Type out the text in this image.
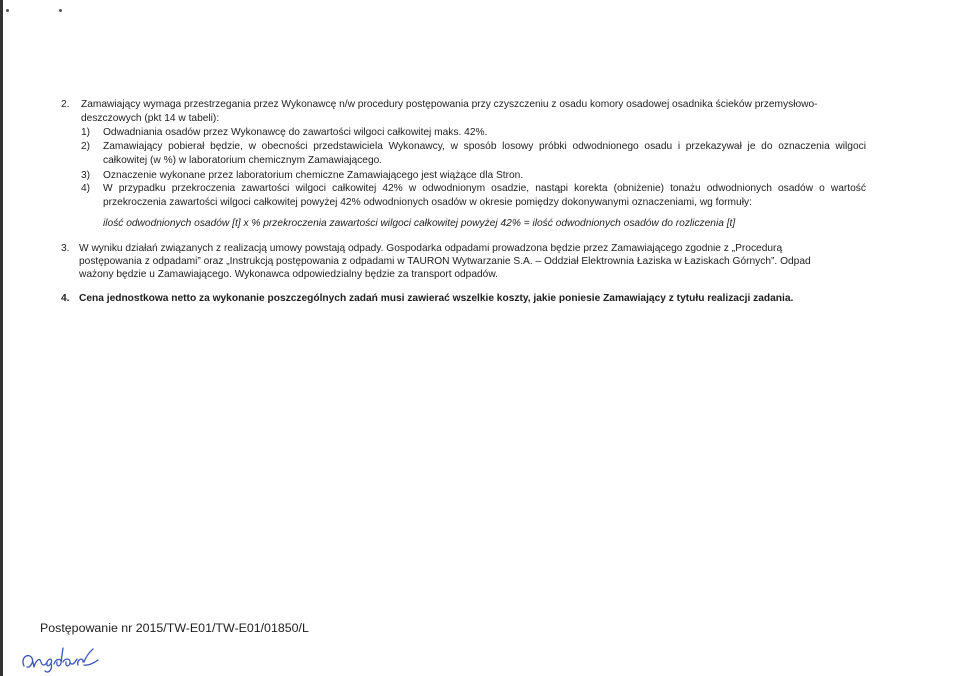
2. Zamawiający wymaga przestrzegania przez Wykonawcę n/w procedury postępowania przy czyszczeniu z osadu komory osadowej osadnika ścieków przemysłowo-
deszczowych (pkt 14 w tabeli):
1) Odwadniania osadów przez Wykonawcę do zawartości wilgoci całkowitej maks. 42%.
2) Zamawiający pobierał będzie, w obecności przedstawiciela Wykonawcy, w sposób losowy próbki odwodnionego osadu i przekazywał je do oznaczenia wilgoci
całkowitej (w %) w laboratorium chemicznym Zamawiającego.
3) Oznaczenie wykonane przez laboratorium chemiczne Zamawiającego jest wiążące dla Stron.
4) W przypadku przekroczenia zawartości wilgoci całkowitej 42% w odwodnionym osadzie, nastąpi korekta (obniżenie) tonażu odwodnionych osadów o wartość
przekroczenia zawartości wilgoci całkowitej powyżej 42% odwodnionych osadów w okresie pomiędzy dokonywanymi oznaczeniami, wg formuły:
ilość odwodnionych osadów [t] x % przekroczenia zawartości wilgoci całkowitej powyżej 42% = ilość odwodnionych osadów do rozliczenia [t]
3. W wyniku działań związanych z realizacją umowy powstają odpady. Gospodarka odpadami prowadzona będzie przez Zamawiającego zgodnie z „Procedurą
postępowania z odpadami” oraz „Instrukcją postępowania z odpadami w TAURON Wytwarzanie S.A. – Oddział Elektrownia Łaziska w Łaziskach Górnych”. Odpad
ważony będzie u Zamawiającego. Wykonawca odpowiedzialny będzie za transport odpadów.
4. Cena jednostkowa netto za wykonanie poszczególnych zadań musi zawierać wszelkie koszty, jakie poniesie Zamawiający z tytułu realizacji zadania.
Postępowanie nr 2015/TW-E01/TW-E01/01850/L
